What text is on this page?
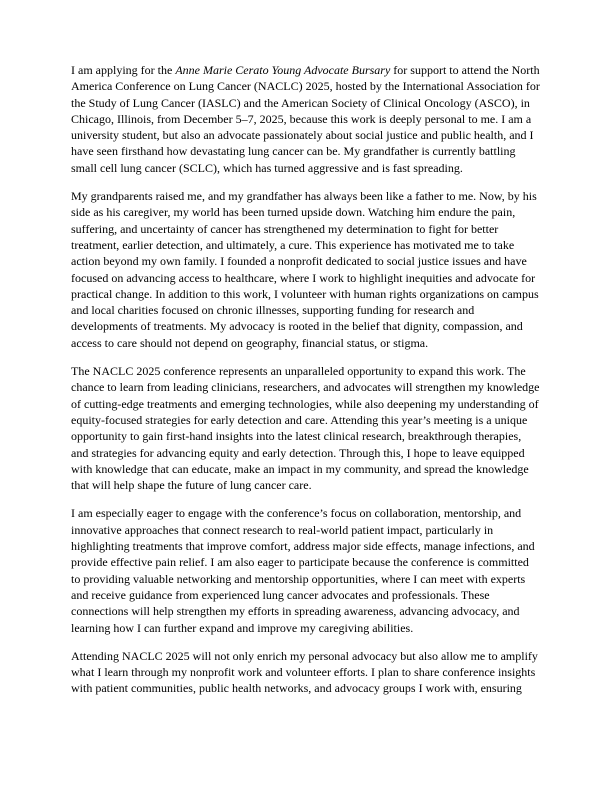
I am applying for the Anne Marie Cerato Young Advocate Bursary for support to attend the North America Conference on Lung Cancer (NACLC) 2025, hosted by the International Association for the Study of Lung Cancer (IASLC) and the American Society of Clinical Oncology (ASCO), in Chicago, Illinois, from December 5–7, 2025, because this work is deeply personal to me. I am a university student, but also an advocate passionately about social justice and public health, and I have seen firsthand how devastating lung cancer can be. My grandfather is currently battling small cell lung cancer (SCLC), which has turned aggressive and is fast spreading.

My grandparents raised me, and my grandfather has always been like a father to me. Now, by his side as his caregiver, my world has been turned upside down. Watching him endure the pain, suffering, and uncertainty of cancer has strengthened my determination to fight for better treatment, earlier detection, and ultimately, a cure. This experience has motivated me to take action beyond my own family. I founded a nonprofit dedicated to social justice issues and have focused on advancing access to healthcare, where I work to highlight inequities and advocate for practical change. In addition to this work, I volunteer with human rights organizations on campus and local charities focused on chronic illnesses, supporting funding for research and developments of treatments. My advocacy is rooted in the belief that dignity, compassion, and access to care should not depend on geography, financial status, or stigma.

The NACLC 2025 conference represents an unparalleled opportunity to expand this work. The chance to learn from leading clinicians, researchers, and advocates will strengthen my knowledge of cutting-edge treatments and emerging technologies, while also deepening my understanding of equity-focused strategies for early detection and care. Attending this year’s meeting is a unique opportunity to gain first-hand insights into the latest clinical research, breakthrough therapies, and strategies for advancing equity and early detection. Through this, I hope to leave equipped with knowledge that can educate, make an impact in my community, and spread the knowledge that will help shape the future of lung cancer care.

I am especially eager to engage with the conference’s focus on collaboration, mentorship, and innovative approaches that connect research to real-world patient impact, particularly in highlighting treatments that improve comfort, address major side effects, manage infections, and provide effective pain relief. I am also eager to participate because the conference is committed to providing valuable networking and mentorship opportunities, where I can meet with experts and receive guidance from experienced lung cancer advocates and professionals. These connections will help strengthen my efforts in spreading awareness, advancing advocacy, and learning how I can further expand and improve my caregiving abilities.

Attending NACLC 2025 will not only enrich my personal advocacy but also allow me to amplify what I learn through my nonprofit work and volunteer efforts. I plan to share conference insights with patient communities, public health networks, and advocacy groups I work with, ensuring
